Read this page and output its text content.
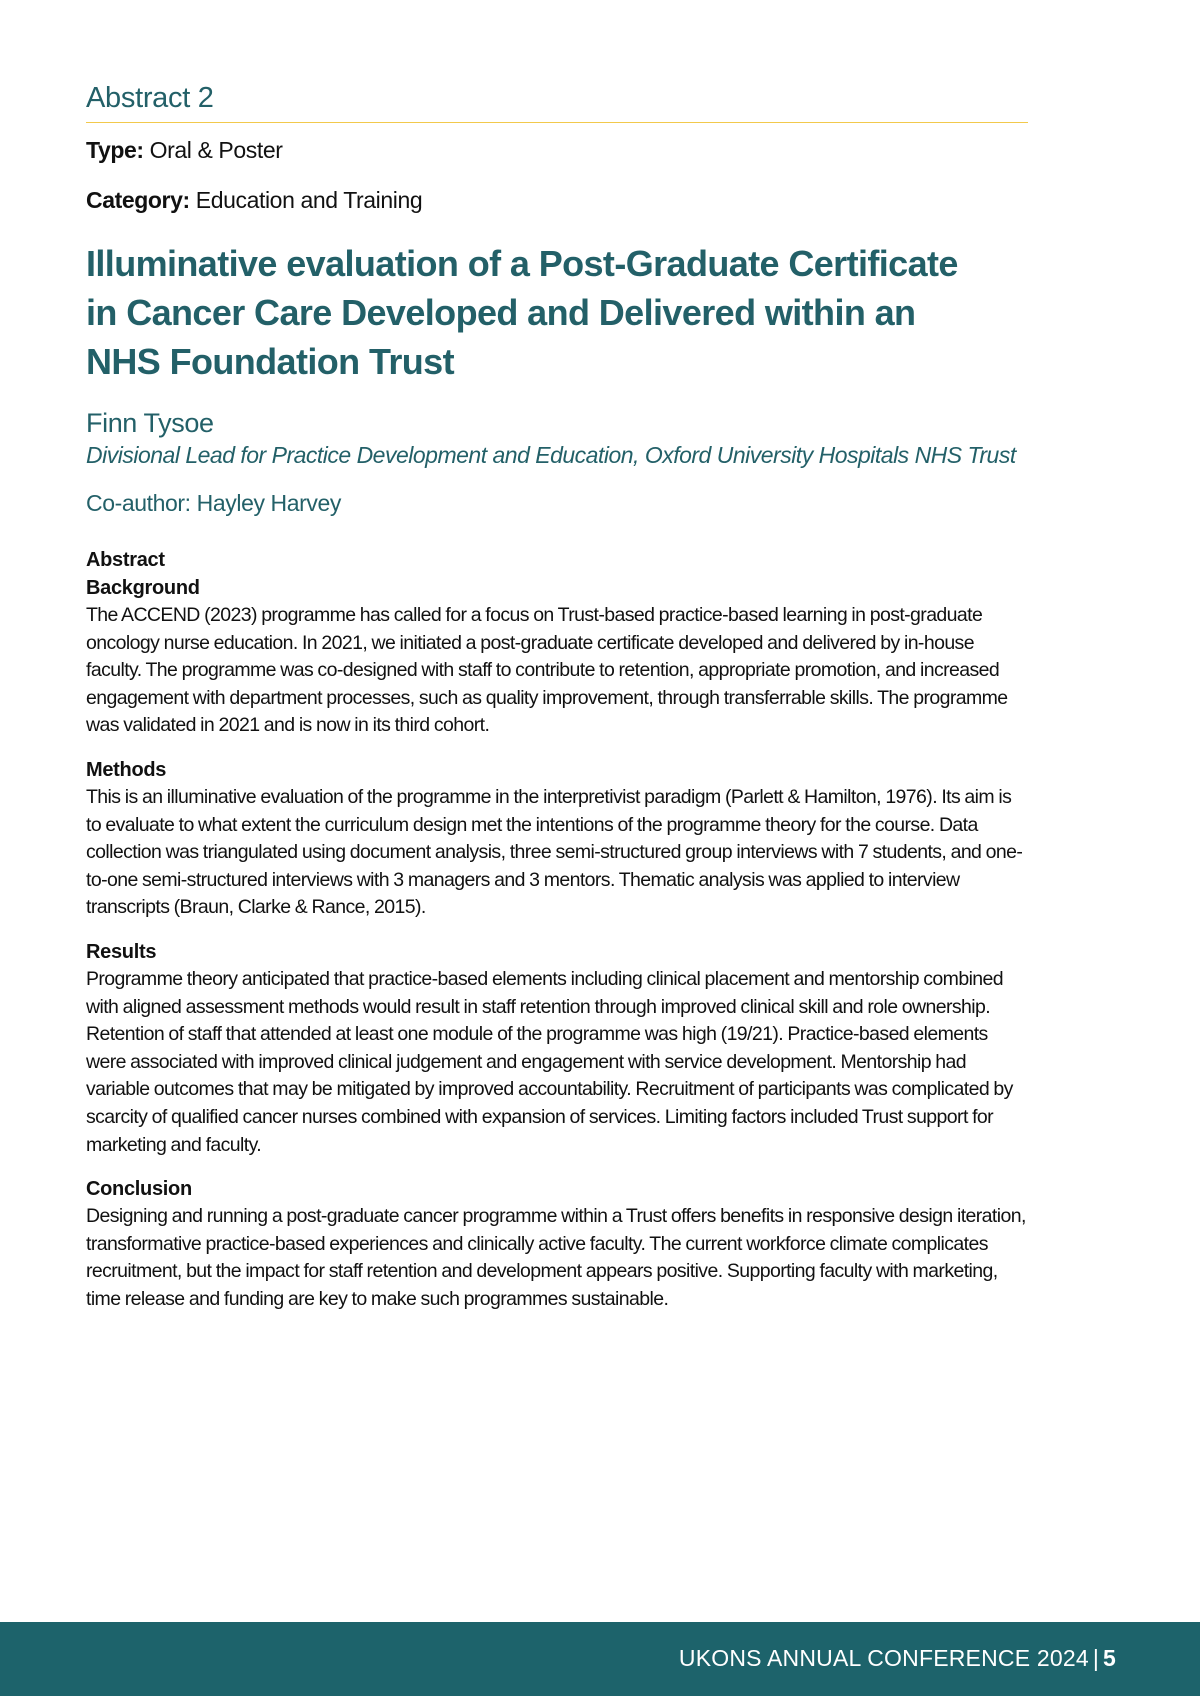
Abstract 2
Type: Oral & Poster
Category: Education and Training
Illuminative evaluation of a Post-Graduate Certificate in Cancer Care Developed and Delivered within an NHS Foundation Trust
Finn Tysoe
Divisional Lead for Practice Development and Education, Oxford University Hospitals NHS Trust
Co-author: Hayley Harvey
Abstract
Background
The ACCEND (2023) programme has called for a focus on Trust-based practice-based learning in post-graduate oncology nurse education. In 2021, we initiated a post-graduate certificate developed and delivered by in-house faculty. The programme was co-designed with staff to contribute to retention, appropriate promotion, and increased engagement with department processes, such as quality improvement, through transferrable skills. The programme was validated in 2021 and is now in its third cohort.
Methods
This is an illuminative evaluation of the programme in the interpretivist paradigm (Parlett & Hamilton, 1976). Its aim is to evaluate to what extent the curriculum design met the intentions of the programme theory for the course. Data collection was triangulated using document analysis, three semi-structured group interviews with 7 students, and one-to-one semi-structured interviews with 3 managers and 3 mentors. Thematic analysis was applied to interview transcripts (Braun, Clarke & Rance, 2015).
Results
Programme theory anticipated that practice-based elements including clinical placement and mentorship combined with aligned assessment methods would result in staff retention through improved clinical skill and role ownership. Retention of staff that attended at least one module of the programme was high (19/21). Practice-based elements were associated with improved clinical judgement and engagement with service development. Mentorship had variable outcomes that may be mitigated by improved accountability. Recruitment of participants was complicated by scarcity of qualified cancer nurses combined with expansion of services. Limiting factors included Trust support for marketing and faculty.
Conclusion
Designing and running a post-graduate cancer programme within a Trust offers benefits in responsive design iteration, transformative practice-based experiences and clinically active faculty. The current workforce climate complicates recruitment, but the impact for staff retention and development appears positive. Supporting faculty with marketing, time release and funding are key to make such programmes sustainable.
UKONS ANNUAL CONFERENCE 2024 | 5
